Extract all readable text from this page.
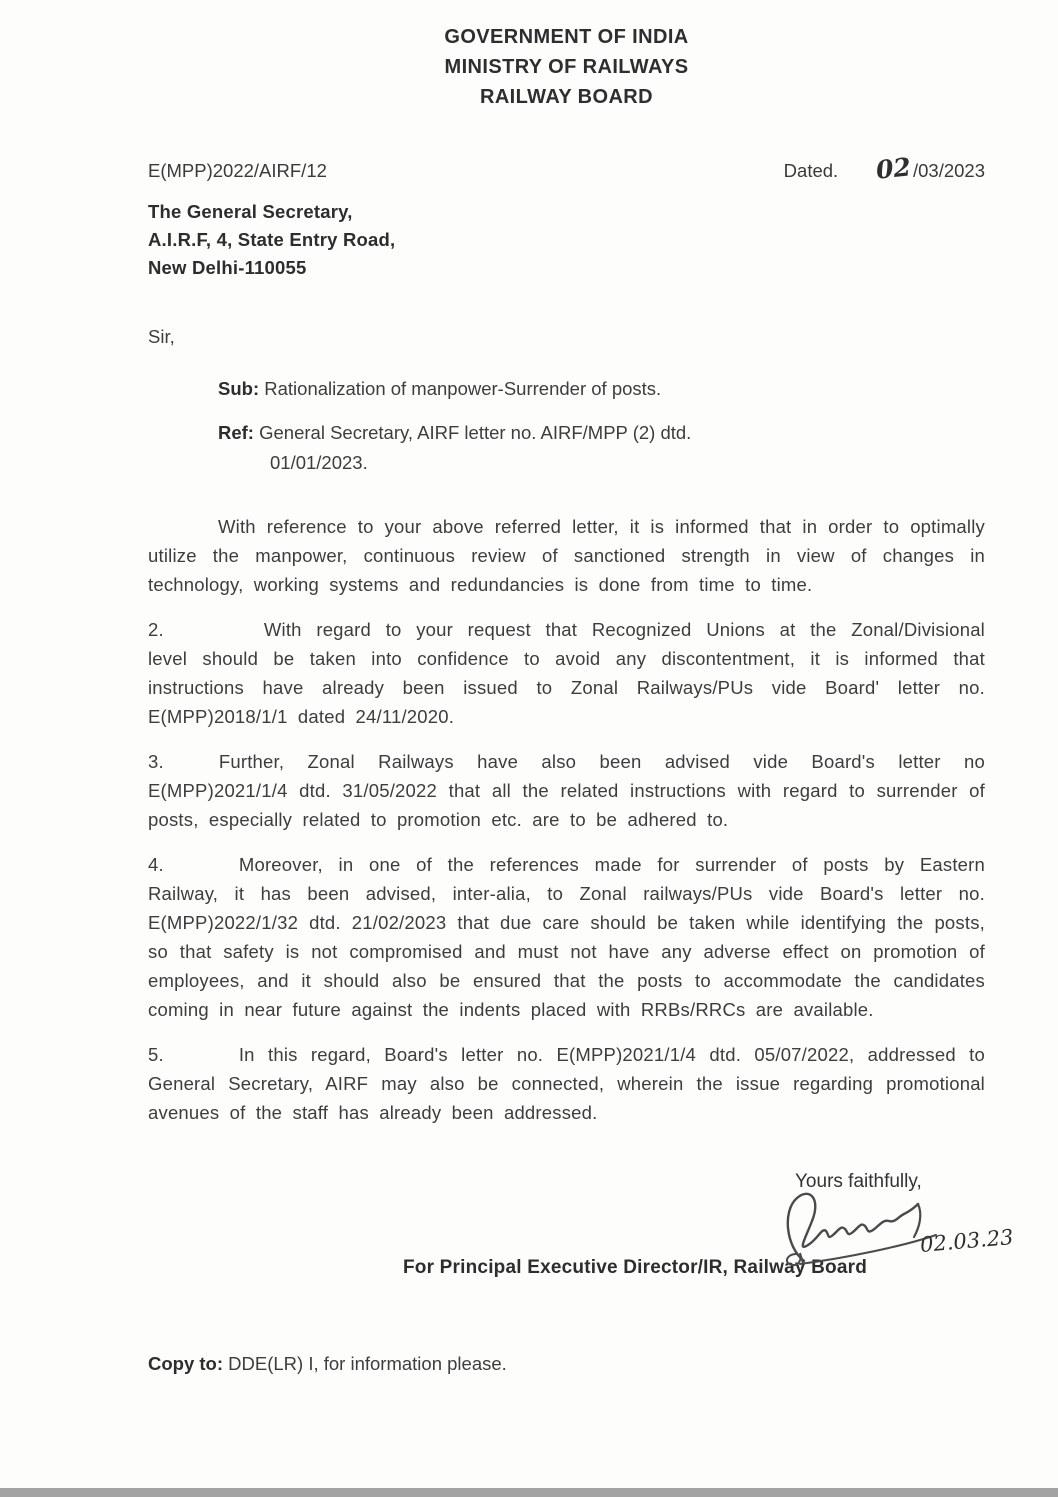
GOVERNMENT OF INDIA
MINISTRY OF RAILWAYS
RAILWAY BOARD
E(MPP)2022/AIRF/12	Dated. 02 /03/2023
The General Secretary,
A.I.R.F, 4, State Entry Road,
New Delhi-110055
Sir,
Sub: Rationalization of manpower-Surrender of posts.
Ref: General Secretary, AIRF letter no. AIRF/MPP (2) dtd.
01/01/2023.

With reference to your above referred letter, it is informed that in order to optimally utilize the manpower, continuous review of sanctioned strength in view of changes in technology, working systems and redundancies is done from time to time.

2.	With regard to your request that Recognized Unions at the Zonal/Divisional level should be taken into confidence to avoid any discontentment, it is informed that instructions have already been issued to Zonal Railways/PUs vide Board' letter no. E(MPP)2018/1/1 dated 24/11/2020.

3.	Further, Zonal Railways have also been advised vide Board's letter no E(MPP)2021/1/4 dtd. 31/05/2022 that all the related instructions with regard to surrender of posts, especially related to promotion etc. are to be adhered to.

4.	Moreover, in one of the references made for surrender of posts by Eastern Railway, it has been advised, inter-alia, to Zonal railways/PUs vide Board's letter no. E(MPP)2022/1/32 dtd. 21/02/2023 that due care should be taken while identifying the posts, so that safety is not compromised and must not have any adverse effect on promotion of employees, and it should also be ensured that the posts to accommodate the candidates coming in near future against the indents placed with RRBs/RRCs are available.

5.	In this regard, Board's letter no. E(MPP)2021/1/4 dtd. 05/07/2022, addressed to General Secretary, AIRF may also be connected, wherein the issue regarding promotional avenues of the staff has already been addressed.

Yours faithfully,
02.03.23
For Principal Executive Director/IR, Railway Board
Copy to: DDE(LR) I, for information please.
